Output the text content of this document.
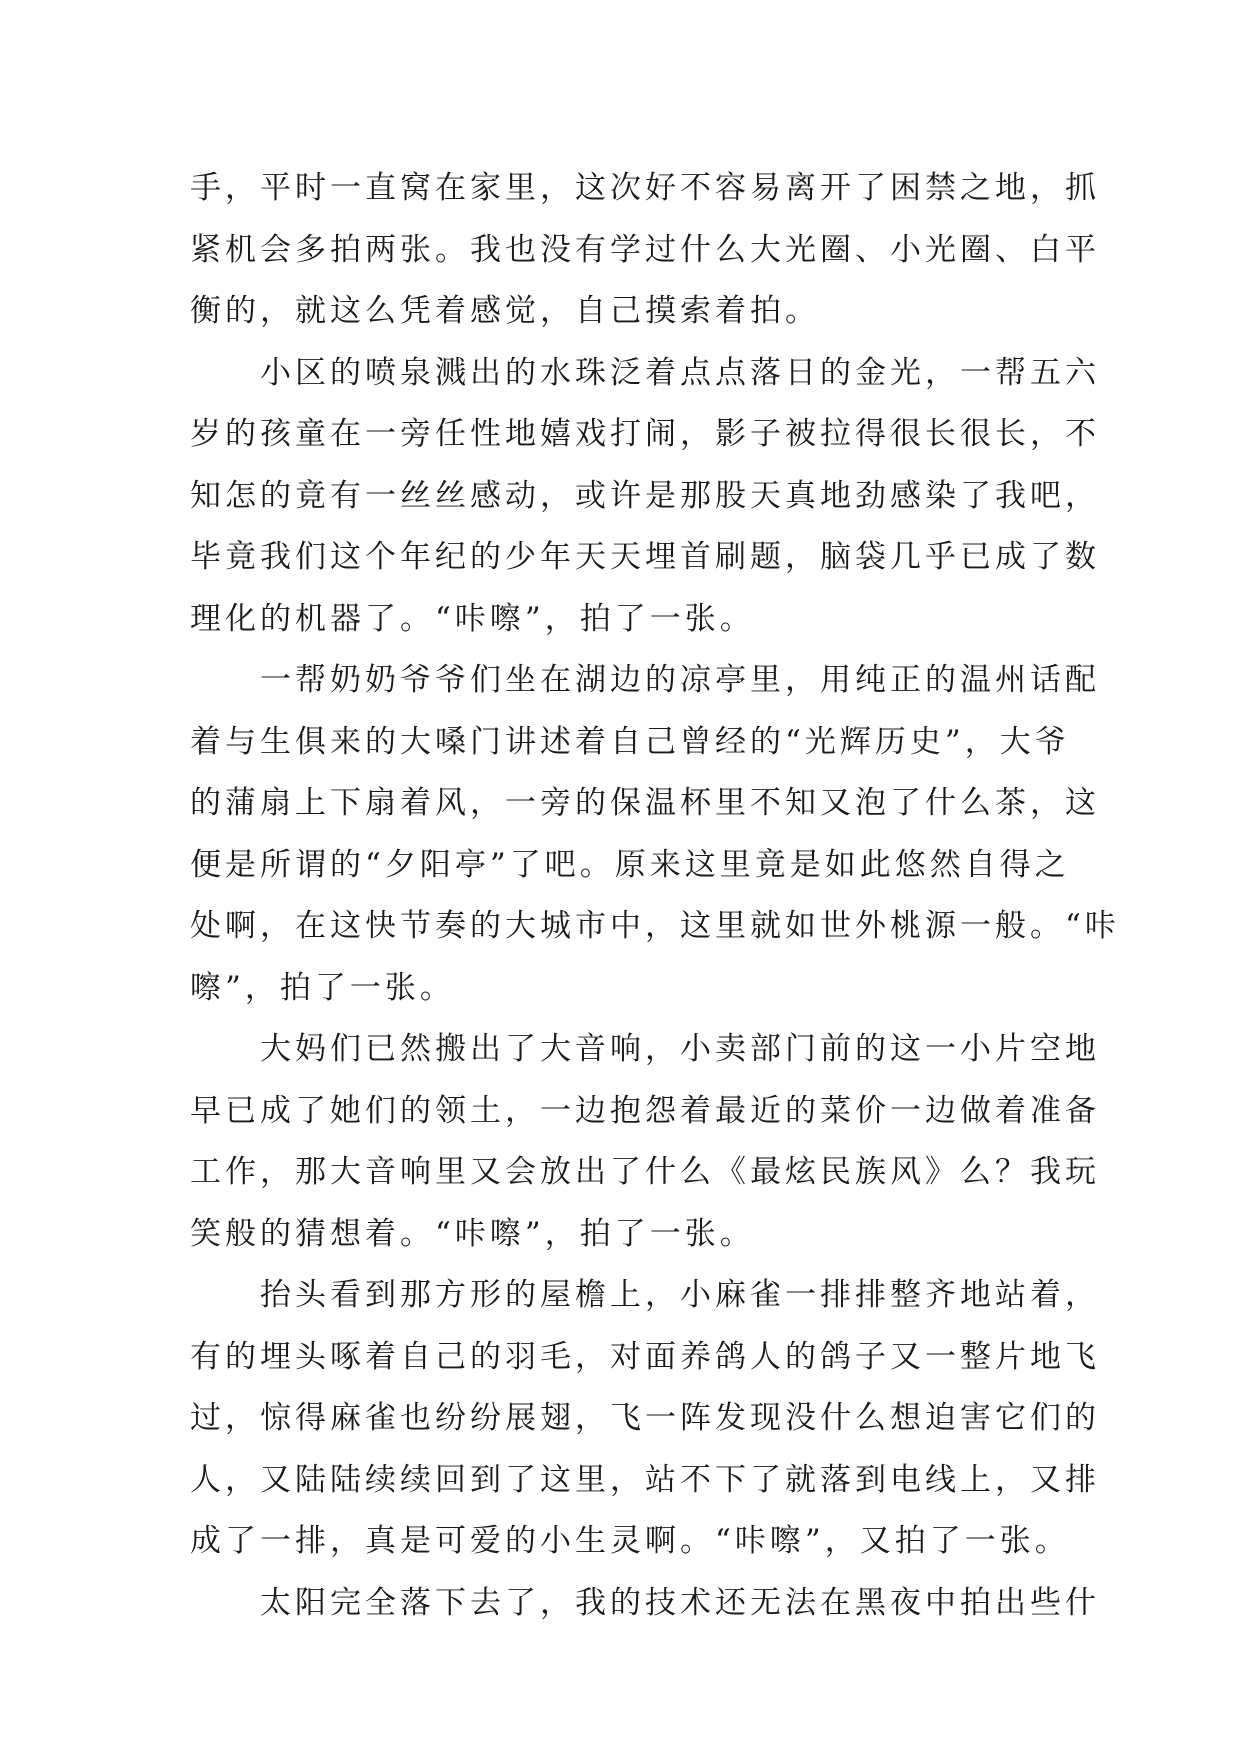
手，平时一直窝在家里，这次好不容易离开了困禁之地，抓
紧机会多拍两张。我也没有学过什么大光圈、小光圈、白平
衡的，就这么凭着感觉，自己摸索着拍。
小区的喷泉溅出的水珠泛着点点落日的金光，一帮五六
岁的孩童在一旁任性地嬉戏打闹，影子被拉得很长很长，不
知怎的竟有一丝丝感动，或许是那股天真地劲感染了我吧，
毕竟我们这个年纪的少年天天埋首刷题，脑袋几乎已成了数
理化的机器了。“咔嚓”，拍了一张。
一帮奶奶爷爷们坐在湖边的凉亭里，用纯正的温州话配
着与生俱来的大嗓门讲述着自己曾经的“光辉历史”，大爷
的蒲扇上下扇着风，一旁的保温杯里不知又泡了什么茶，这
便是所谓的“夕阳亭”了吧。原来这里竟是如此悠然自得之
处啊，在这快节奏的大城市中，这里就如世外桃源一般。“咔
嚓”，拍了一张。
大妈们已然搬出了大音响，小卖部门前的这一小片空地
早已成了她们的领土，一边抱怨着最近的菜价一边做着准备
工作，那大音响里又会放出了什么《最炫民族风》么？我玩
笑般的猜想着。“咔嚓”，拍了一张。
抬头看到那方形的屋檐上，小麻雀一排排整齐地站着，
有的埋头啄着自己的羽毛，对面养鸽人的鸽子又一整片地飞
过，惊得麻雀也纷纷展翅，飞一阵发现没什么想迫害它们的
人，又陆陆续续回到了这里，站不下了就落到电线上，又排
成了一排，真是可爱的小生灵啊。“咔嚓”，又拍了一张。
太阳完全落下去了，我的技术还无法在黑夜中拍出些什
